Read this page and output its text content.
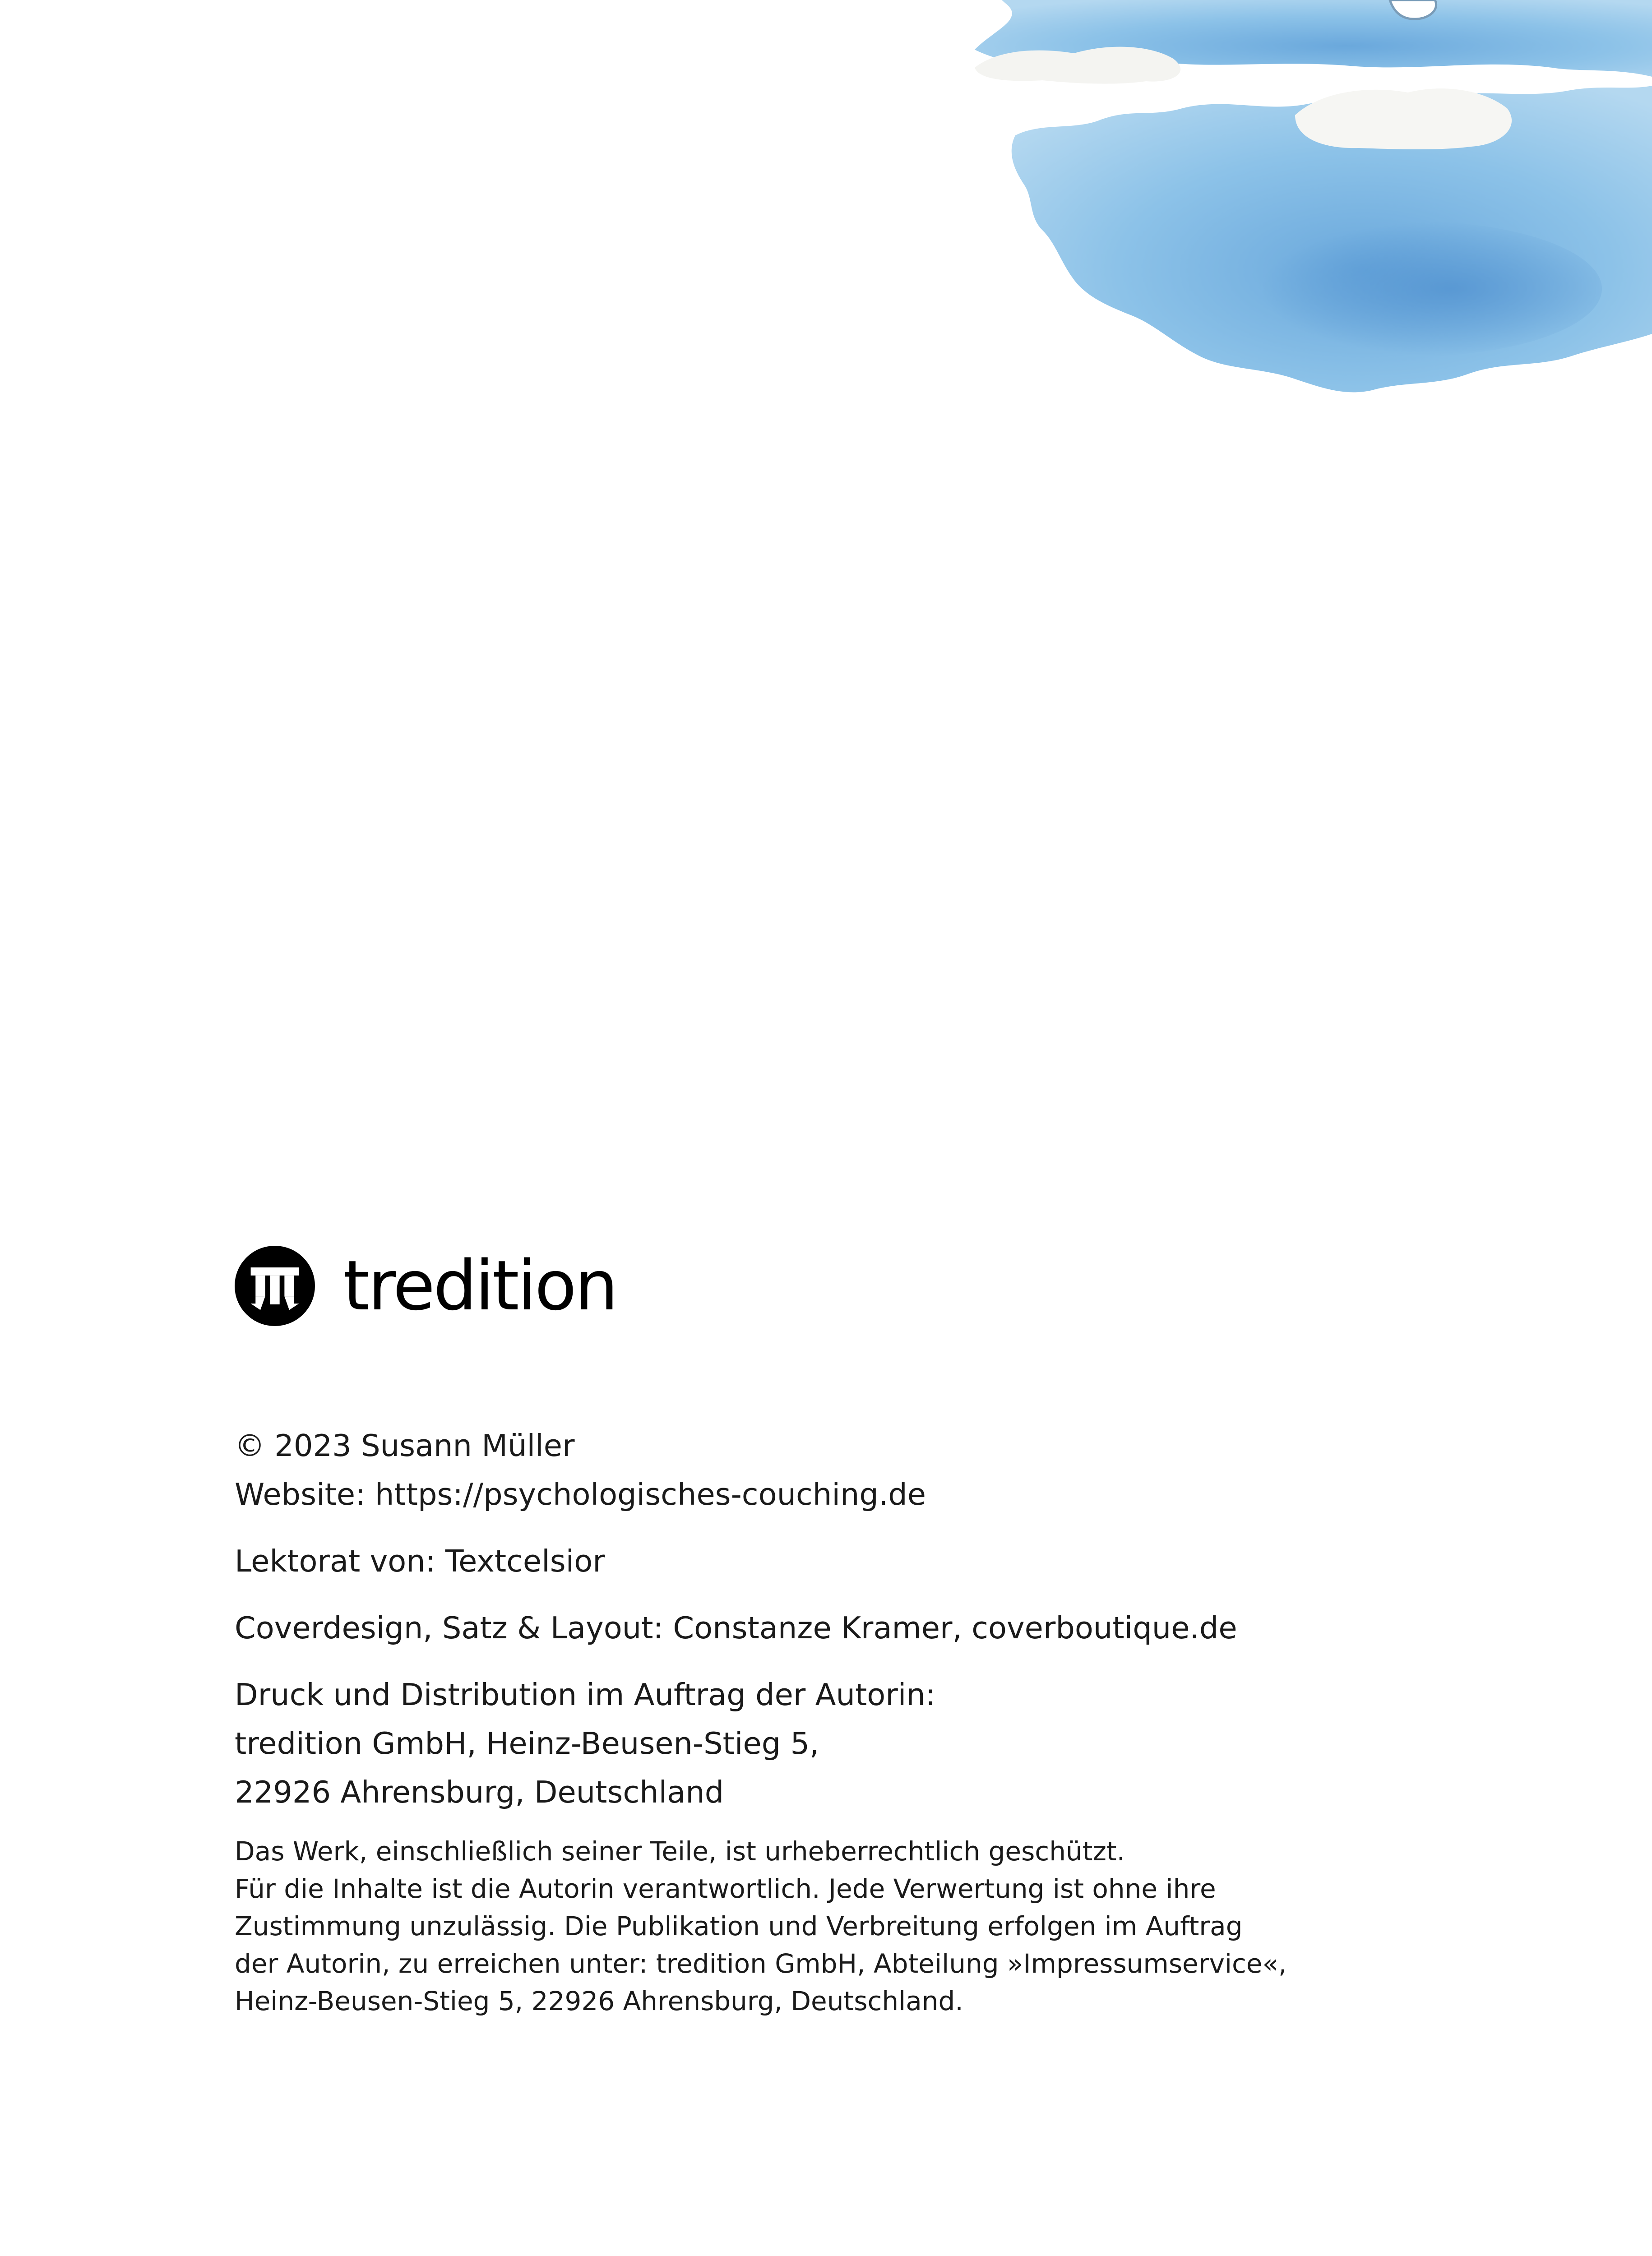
tredition
© 2023 Susann Müller
Website: https://psychologisches-couching.de
Lektorat von: Textcelsior
Coverdesign, Satz & Layout: Constanze Kramer, coverboutique.de
Druck und Distribution im Auftrag der Autorin:
tredition GmbH, Heinz-Beusen-Stieg 5,
22926 Ahrensburg, Deutschland
Das Werk, einschließlich seiner Teile, ist urheberrechtlich geschützt.
Für die Inhalte ist die Autorin verantwortlich. Jede Verwertung ist ohne ihre
Zustimmung unzulässig. Die Publikation und Verbreitung erfolgen im Auftrag
der Autorin, zu erreichen unter: tredition GmbH, Abteilung »Impressumservice«,
Heinz-Beusen-Stieg 5, 22926 Ahrensburg, Deutschland.
